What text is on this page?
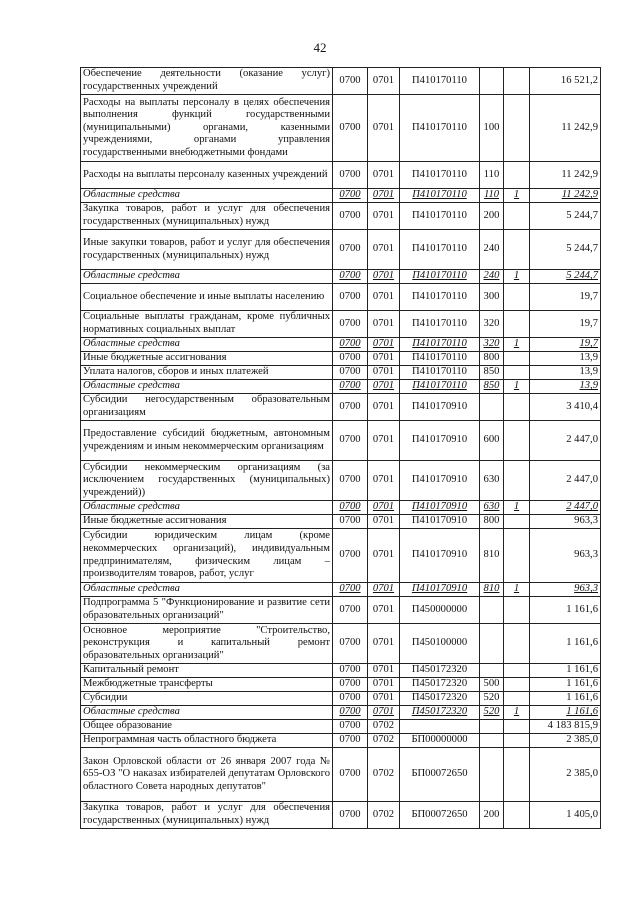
42
Обеспечение деятельности (оказание услуг) государственных учреждений	0700	0701	П410170110			16 521,2
Расходы на выплаты персоналу в целях обеспечения выполнения функций государственными (муниципальными) органами, казенными учреждениями, органами управления государственными внебюджетными фондами	0700	0701	П410170110	100		11 242,9
Расходы на выплаты персоналу казенных учреждений	0700	0701	П410170110	110		11 242,9
Областные средства	0700	0701	П410170110	110	1	11 242,9
Закупка товаров, работ и услуг для обеспечения государственных (муниципальных) нужд	0700	0701	П410170110	200		5 244,7
Иные закупки товаров, работ и услуг для обеспечения государственных (муниципальных) нужд	0700	0701	П410170110	240		5 244,7
Областные средства	0700	0701	П410170110	240	1	5 244,7
Социальное обеспечение и иные выплаты населению	0700	0701	П410170110	300		19,7
Социальные выплаты гражданам, кроме публичных нормативных социальных выплат	0700	0701	П410170110	320		19,7
Областные средства	0700	0701	П410170110	320	1	19,7
Иные бюджетные ассигнования	0700	0701	П410170110	800		13,9
Уплата налогов, сборов и иных платежей	0700	0701	П410170110	850		13,9
Областные средства	0700	0701	П410170110	850	1	13,9
Субсидии негосударственным образовательным организациям	0700	0701	П410170910			3 410,4
Предоставление субсидий бюджетным, автономным учреждениям и иным некоммерческим организациям	0700	0701	П410170910	600		2 447,0
Субсидии некоммерческим организациям (за исключением государственных (муниципальных) учреждений))	0700	0701	П410170910	630		2 447,0
Областные средства	0700	0701	П410170910	630	1	2 447,0
Иные бюджетные ассигнования	0700	0701	П410170910	800		963,3
Субсидии юридическим лицам (кроме некоммерческих организаций), индивидуальным предпринимателям, физическим лицам – производителям товаров, работ, услуг	0700	0701	П410170910	810		963,3
Областные средства	0700	0701	П410170910	810	1	963,3
Подпрограмма 5 "Функционирование и развитие сети образовательных организаций"	0700	0701	П450000000			1 161,6
Основное мероприятие "Строительство, реконструкция и капитальный ремонт образовательных организаций"	0700	0701	П450100000			1 161,6
Капитальный ремонт	0700	0701	П450172320			1 161,6
Межбюджетные трансферты	0700	0701	П450172320	500		1 161,6
Субсидии	0700	0701	П450172320	520		1 161,6
Областные средства	0700	0701	П450172320	520	1	1 161,6
Общее образование	0700	0702				4 183 815,9
Непрограммная часть областного бюджета	0700	0702	БП00000000			2 385,0
Закон Орловской области от 26 января 2007 года № 655-ОЗ "О наказах избирателей депутатам Орловского областного Совета народных депутатов"	0700	0702	БП00072650			2 385,0
Закупка товаров, работ и услуг для обеспечения государственных (муниципальных) нужд	0700	0702	БП00072650	200		1 405,0
